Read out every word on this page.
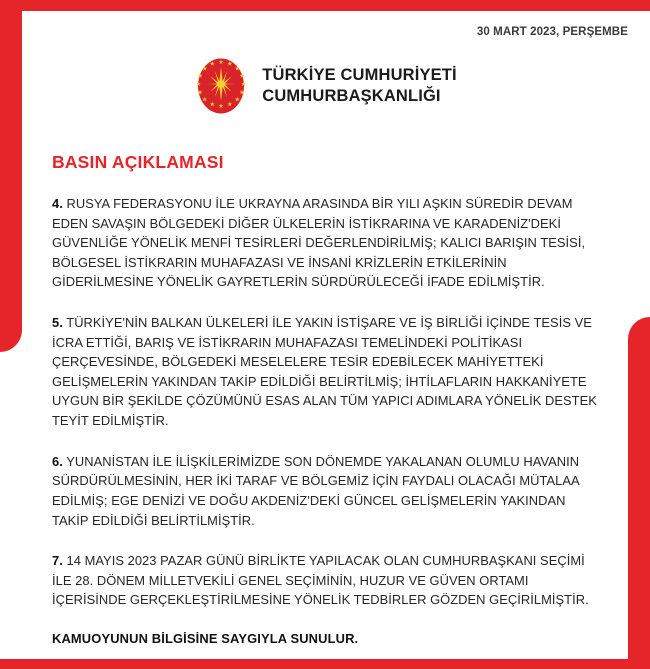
30 MART 2023, PERŞEMBE
TÜRKİYE CUMHURİYETİ
CUMHURBAŞKANLIĞI
BASIN AÇIKLAMASI

4. RUSYA FEDERASYONU İLE UKRAYNA ARASINDA BİR YILI AŞKIN SÜREDİR DEVAM EDEN SAVAŞIN BÖLGEDEKİ DİĞER ÜLKELERİN İSTİKRARINA VE KARADENİZ'DEKİ GÜVENLİĞE YÖNELİK MENFİ TESİRLERİ DEĞERLENDİRİLMİŞ; KALICI BARIŞIN TESİSİ, BÖLGESEL İSTİKRARIN MUHAFAZASI VE İNSANİ KRİZLERİN ETKİLERİNİN GİDERİLMESİNE YÖNELİK GAYRETLERİN SÜRDÜRÜLECEĞİ İFADE EDİLMİŞTİR.

5. TÜRKİYE'NİN BALKAN ÜLKELERİ İLE YAKIN İSTİŞARE VE İŞ BİRLİĞİ İÇİNDE TESİS VE İCRA ETTİĞİ, BARIŞ VE İSTİKRARIN MUHAFAZASI TEMELİNDEKİ POLİTİKASI ÇERÇEVESİNDE, BÖLGEDEKİ MESELELERE TESİR EDEBİLECEK MAHİYETTEKİ GELİŞMELERİN YAKINDAN TAKİP EDİLDİĞİ BELİRTİLMİŞ; İHTİLAFLARIN HAKKANİYETE UYGUN BİR ŞEKİLDE ÇÖZÜMÜNÜ ESAS ALAN TÜM YAPICI ADIMLARA YÖNELİK DESTEK TEYİT EDİLMİŞTİR.

6. YUNANİSTAN İLE İLİŞKİLERİMİZDE SON DÖNEMDE YAKALANAN OLUMLU HAVANIN SÜRDÜRÜLMESİNİN, HER İKİ TARAF VE BÖLGEMİZ İÇİN FAYDALI OLACAĞI MÜTALAA EDİLMİŞ; EGE DENİZİ VE DOĞU AKDENİZ'DEKİ GÜNCEL GELİŞMELERİN YAKINDAN TAKİP EDİLDİĞİ BELİRTİLMİŞTİR.

7. 14 MAYIS 2023 PAZAR GÜNÜ BİRLİKTE YAPILACAK OLAN CUMHURBAŞKANI SEÇİMİ İLE 28. DÖNEM MİLLETVEKİLİ GENEL SEÇİMİNİN, HUZUR VE GÜVEN ORTAMI İÇERİSİNDE GERÇEKLEŞTİRİLMESİNE YÖNELİK TEDBİRLER GÖZDEN GEÇİRİLMİŞTİR.

KAMUOYUNUN BİLGİSİNE SAYGIYLA SUNULUR.
